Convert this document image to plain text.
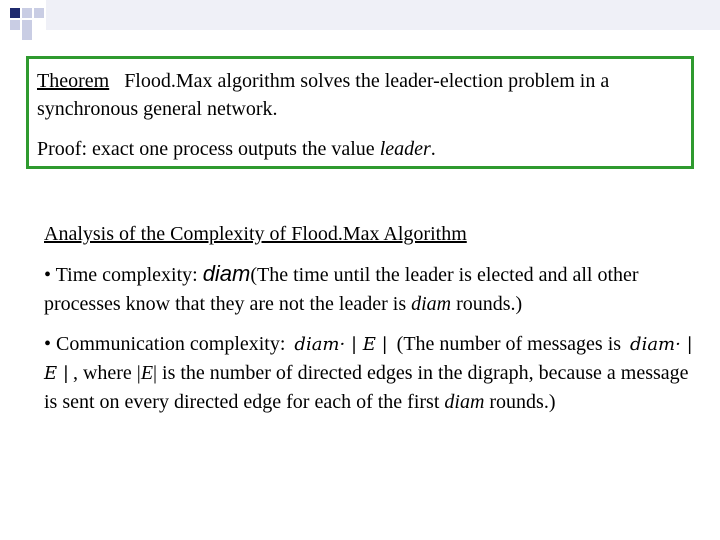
Theorem Flood.Max algorithm solves the leader-election problem in a synchronous general network.

Proof: exact one process outputs the value leader.

Analysis of the Complexity of Flood.Max Algorithm

• Time complexity: diam(The time until the leader is elected and all other processes know that they are not the leader is diam rounds.)

• Communication complexity: diam· | E | (The number of messages is diam· | E | , where |E| is the number of directed edges in the digraph, because a message is sent on every directed edge for each of the first diam rounds.)
